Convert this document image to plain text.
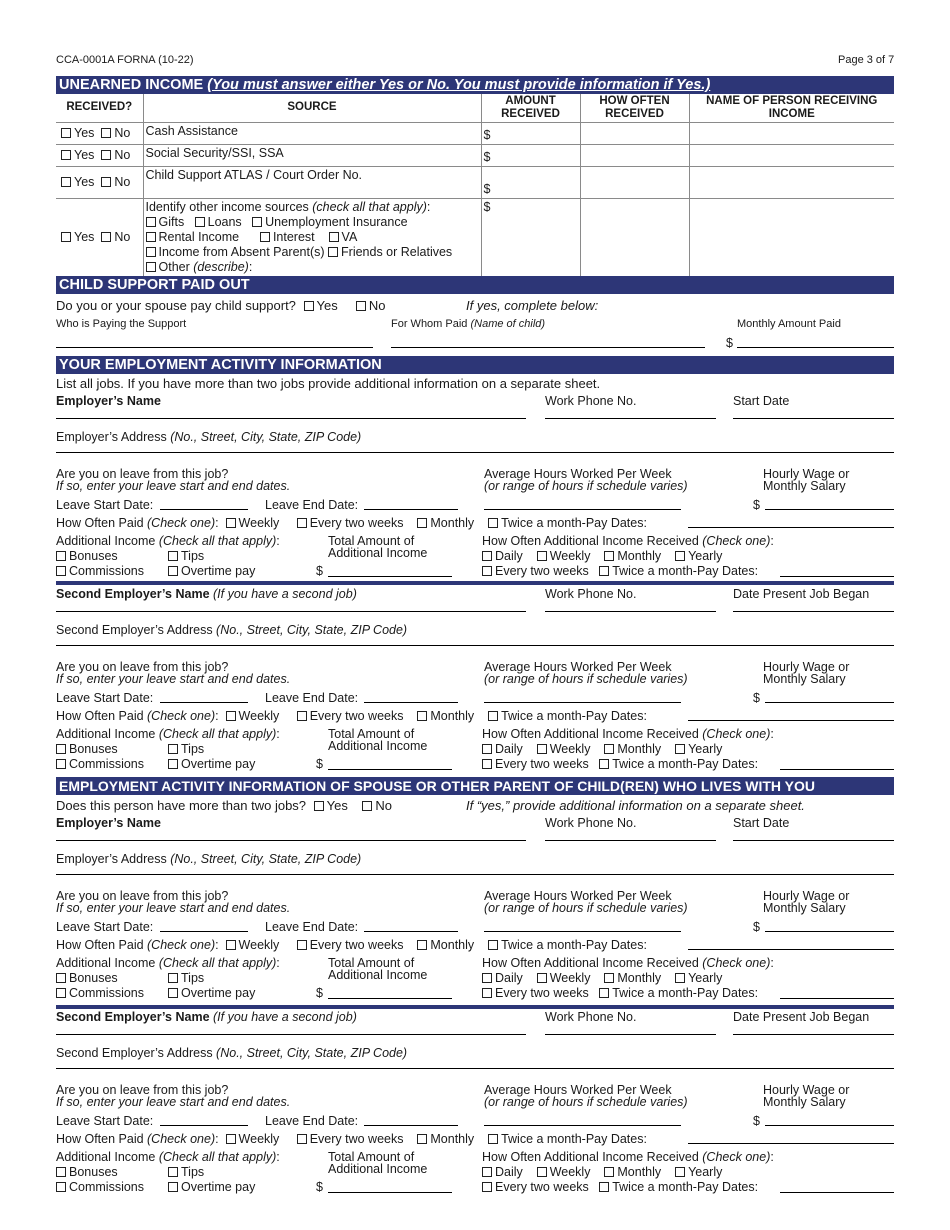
CCA-0001A FORNA (10-22)	Page 3 of 7
UNEARNED INCOME (You must answer either Yes or No. You must provide information if Yes.)
RECEIVED?	SOURCE	AMOUNT RECEIVED	HOW OFTEN RECEIVED	NAME OF PERSON RECEIVING INCOME
Yes No	Cash Assistance	$		
Yes No	Social Security/SSI, SSA	$		
Yes No	Child Support ATLAS / Court Order No.	$		
Yes No	Identify other income sources (check all that apply):
Gifts Loans Unemployment Insurance
Rental Income Interest VA
Income from Absent Parent(s) Friends or Relatives
Other (describe):	$		
CHILD SUPPORT PAID OUT
Do you or your spouse pay child support? Yes No	If yes, complete below:
Who is Paying the Support	For Whom Paid (Name of child)	Monthly Amount Paid
$
YOUR EMPLOYMENT ACTIVITY INFORMATION
List all jobs. If you have more than two jobs provide additional information on a separate sheet.
Employer’s Name	Work Phone No.	Start Date
Employer’s Address (No., Street, City, State, ZIP Code)
Are you on leave from this job?
If so, enter your leave start and end dates.
Average Hours Worked Per Week
(or range of hours if schedule varies)
Hourly Wage or
Monthly Salary
Leave Start Date:	Leave End Date:	$
How Often Paid (Check one): Weekly Every two weeks Monthly Twice a month-Pay Dates:
Additional Income (Check all that apply):
Bonuses	Tips
Commissions	Overtime pay
Total Amount of
Additional Income
$
How Often Additional Income Received (Check one):
Daily Weekly Monthly Yearly
Every two weeks Twice a month-Pay Dates:
Second Employer’s Name (If you have a second job)	Work Phone No.	Date Present Job Began
Second Employer’s Address (No., Street, City, State, ZIP Code)
Are you on leave from this job?
If so, enter your leave start and end dates.
Average Hours Worked Per Week
(or range of hours if schedule varies)
Hourly Wage or
Monthly Salary
Leave Start Date:	Leave End Date:	$
How Often Paid (Check one): Weekly Every two weeks Monthly Twice a month-Pay Dates:
Additional Income (Check all that apply):
Bonuses	Tips
Commissions	Overtime pay
Total Amount of
Additional Income
$
How Often Additional Income Received (Check one):
Daily Weekly Monthly Yearly
Every two weeks Twice a month-Pay Dates:
Employer’s Name	Work Phone No.	Start Date
Employer’s Address (No., Street, City, State, ZIP Code)
Are you on leave from this job?
If so, enter your leave start and end dates.
Average Hours Worked Per Week
(or range of hours if schedule varies)
Hourly Wage or
Monthly Salary
Leave Start Date:	Leave End Date:	$
How Often Paid (Check one): Weekly Every two weeks Monthly Twice a month-Pay Dates:
Additional Income (Check all that apply):
Bonuses	Tips
Commissions	Overtime pay
Total Amount of
Additional Income
$
How Often Additional Income Received (Check one):
Daily Weekly Monthly Yearly
Every two weeks Twice a month-Pay Dates:
Second Employer’s Name (If you have a second job)	Work Phone No.	Date Present Job Began
Second Employer’s Address (No., Street, City, State, ZIP Code)
Are you on leave from this job?
If so, enter your leave start and end dates.
Average Hours Worked Per Week
(or range of hours if schedule varies)
Hourly Wage or
Monthly Salary
Leave Start Date:	Leave End Date:	$
How Often Paid (Check one): Weekly Every two weeks Monthly Twice a month-Pay Dates:
Additional Income (Check all that apply):
Bonuses	Tips
Commissions	Overtime pay
Total Amount of
Additional Income
$
How Often Additional Income Received (Check one):
Daily Weekly Monthly Yearly
Every two weeks Twice a month-Pay Dates:
EMPLOYMENT ACTIVITY INFORMATION OF SPOUSE OR OTHER PARENT OF CHILD(REN) WHO LIVES WITH YOU
Does this person have more than two jobs? Yes No	If “yes,” provide additional information on a separate sheet.
